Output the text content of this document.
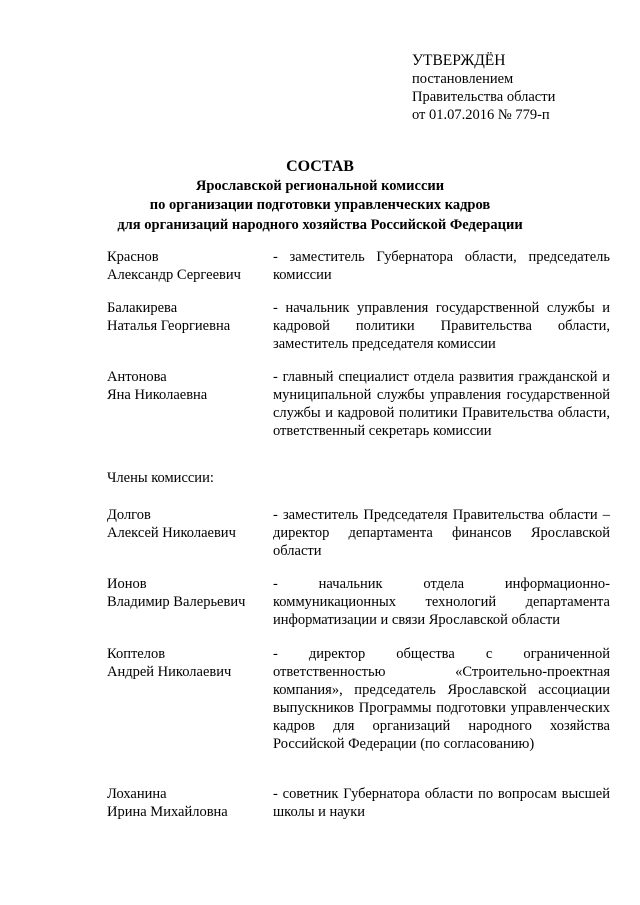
УТВЕРЖДЁН
постановлением
Правительства области
от 01.07.2016 № 779-п
СОСТАВ
Ярославской региональной комиссии
по организации подготовки управленческих кадров
для организаций народного хозяйства Российской Федерации
Краснов
Александр Сергеевич
- заместитель Губернатора области, председатель комиссии
Балакирева
Наталья Георгиевна
- начальник управления государственной службы и кадровой политики Правительства области, заместитель председателя комиссии
Антонова
Яна Николаевна
- главный специалист отдела развития гражданской и муниципальной службы управления государственной службы и кадровой политики Правительства области, ответственный секретарь комиссии
Члены комиссии:
Долгов
Алексей Николаевич
- заместитель Председателя Правительства области – директор департамента финансов Ярославской области
Ионов
Владимир Валерьевич
- начальник отдела информационно-коммуникационных технологий департамента информатизации и связи Ярославской области
Коптелов
Андрей Николаевич
- директор общества с ограниченной ответственностью «Строительно-проектная компания», председатель Ярославской ассоциации выпускников Программы подготовки управленческих кадров для организаций народного хозяйства Российской Федерации (по согласованию)
Лоханина
Ирина Михайловна
- советник Губернатора области по вопросам высшей школы и науки
